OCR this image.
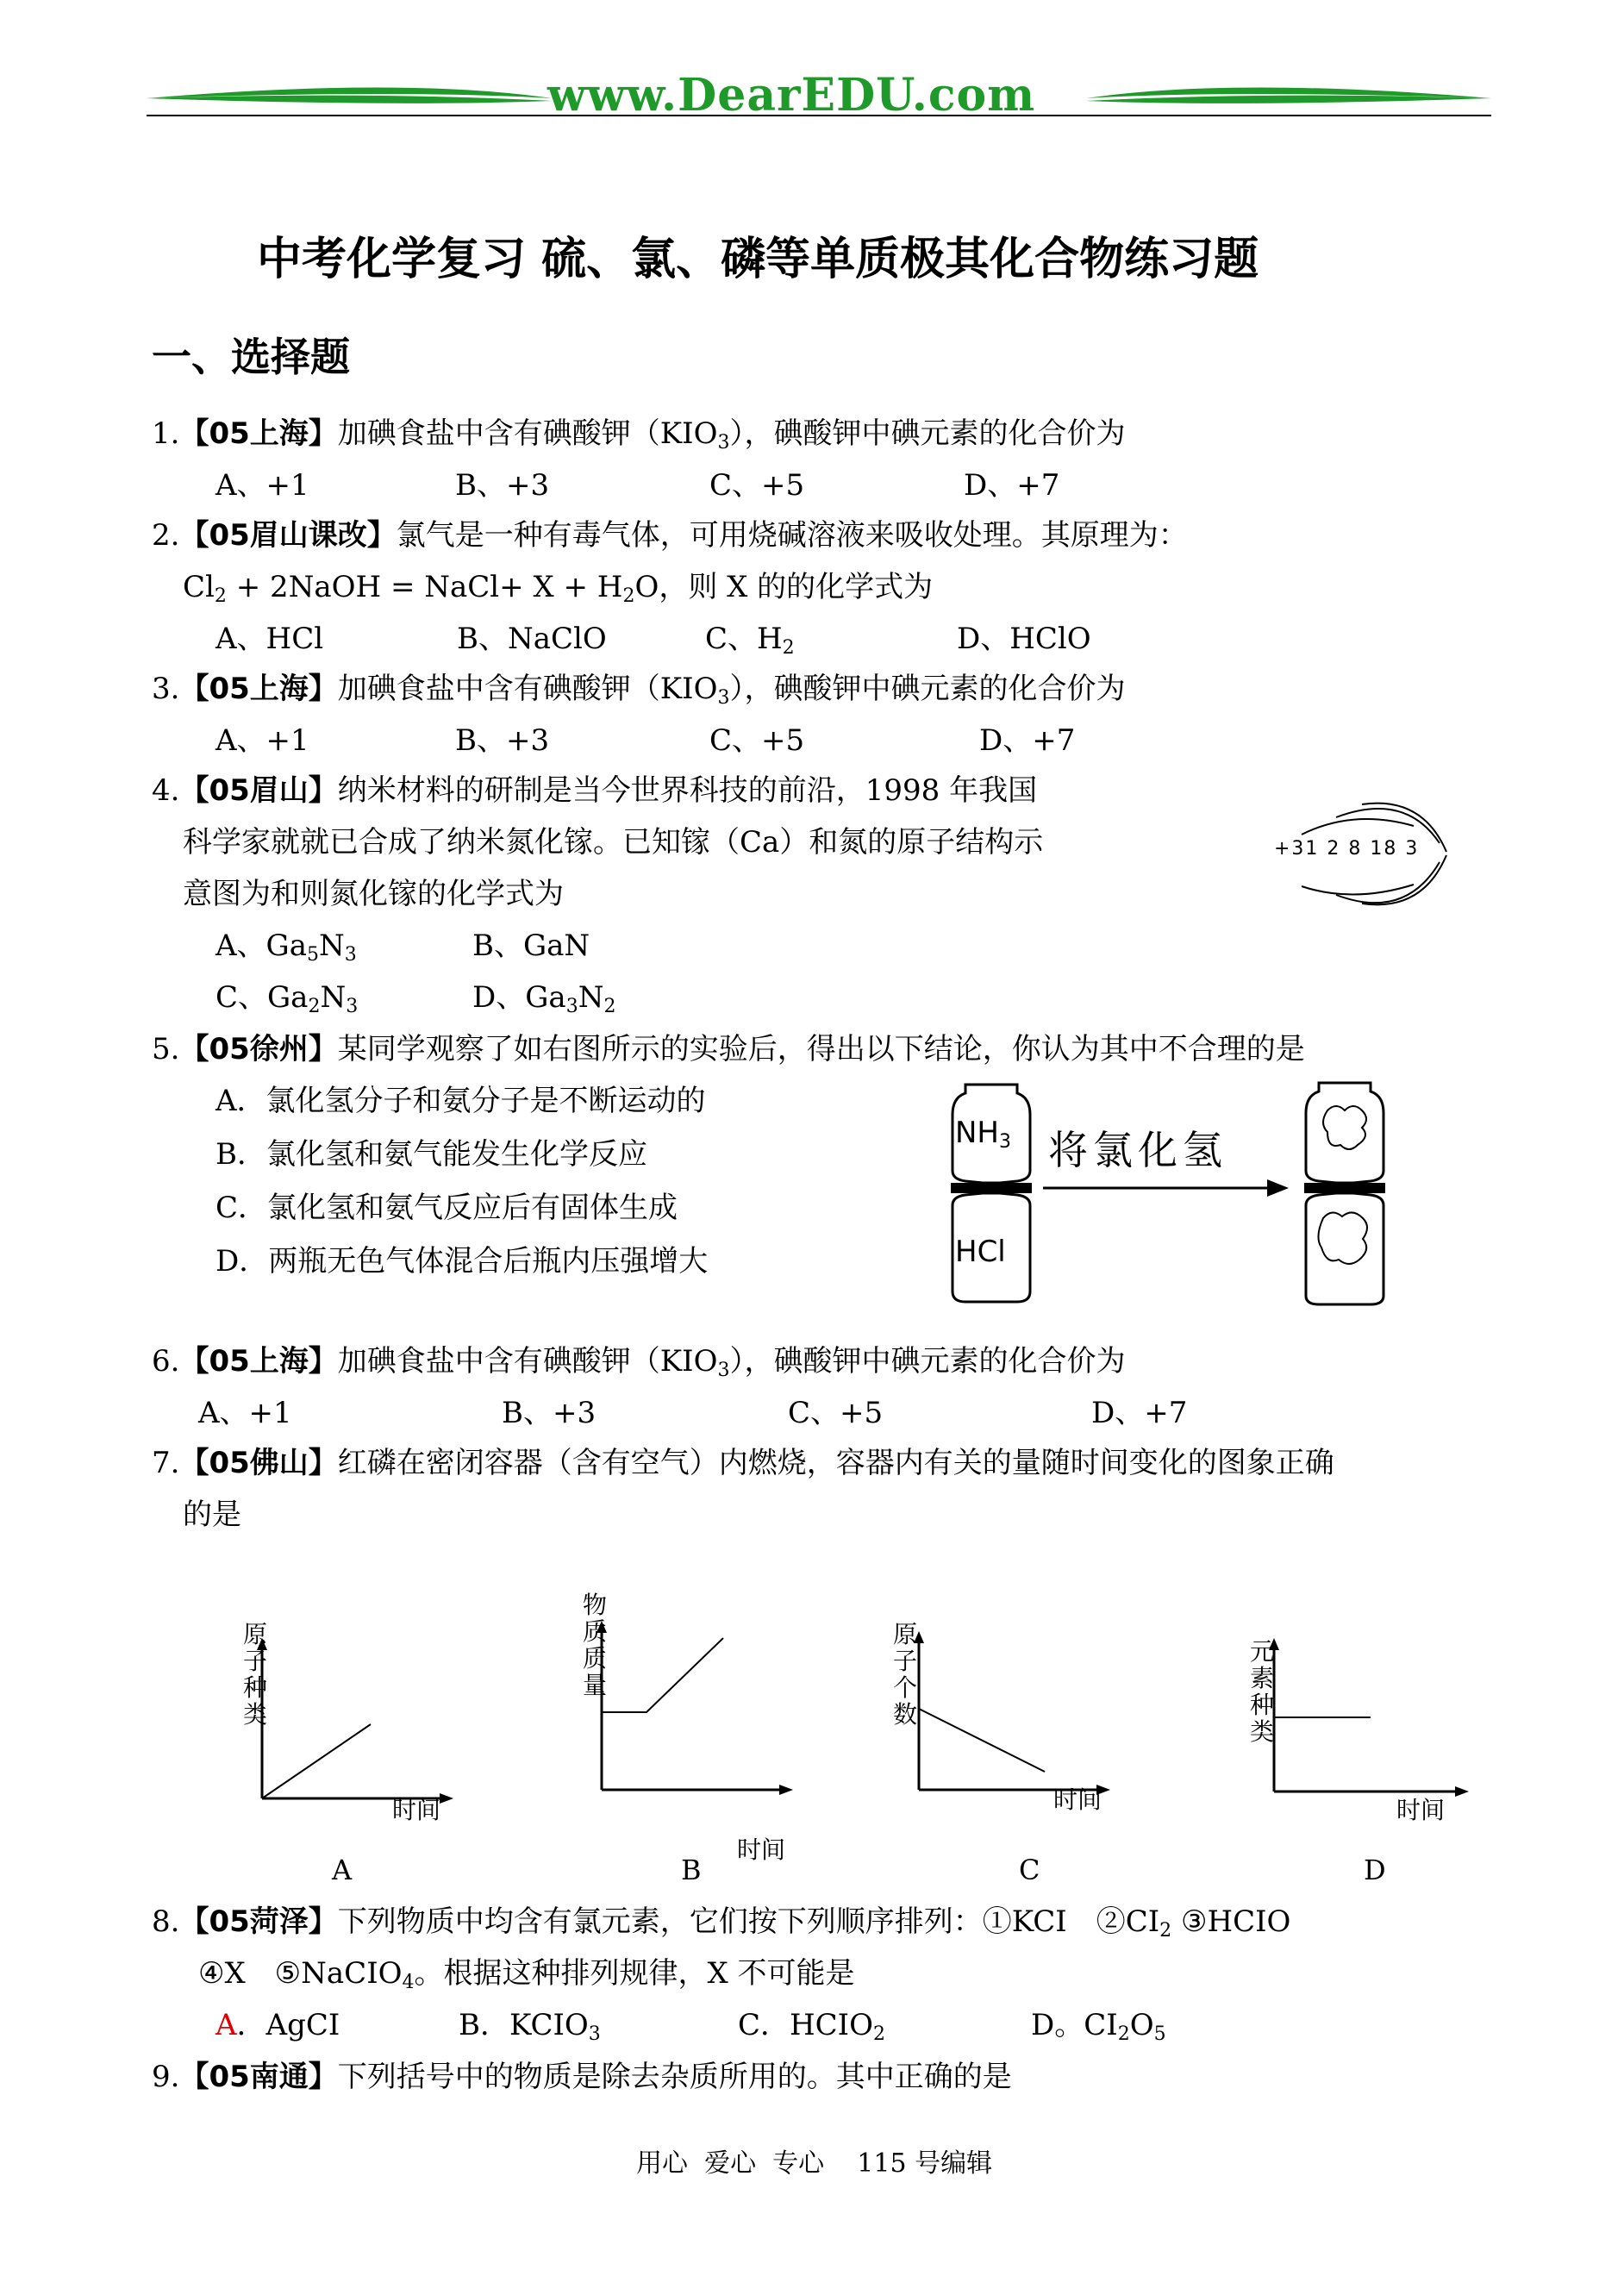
www.DearEDU.com
中考化学复习 硫、氯、磷等单质极其化合物练习题
一、选择题
1.【05上海】加碘食盐中含有碘酸钾$(KIO_3)$，碘酸钾中碘元素的化合价为
A、+1	B、+3	C、+5	D、+7
2.【05眉山课改】氯气是一种有毒气体，可用烧碱溶液来吸收处理。其原理为：
$Cl_2$ + 2NaOH = NaCl+ $X + H_2O$，则 X 的的化学式为
A、HCl	B、NaClO	C、$H_2$	D、HClO
3.【05上海】加碘食盐中含有碘酸钾$(KIO_3)$，碘酸钾中碘元素的化合价为
A、+1	B、+3	C、+5	D、+7
4.【05眉山】纳米材料的研制是当今世界科技的前沿，1998 年我国
科学家就就已合成了纳米氮化镓。已知镓（Ca）和氮的原子结构示
意图为和则氮化镓的化学式为
+31 2 8 18 3
A、$Ga_5N_3$	B、GaN
C、$Ga_2N_3$	D、$Ga_3N_2$
5.【05徐州】某同学观察了如右图所示的实验后，得出以下结论，你认为其中不合理的是
A．氯化氢分子和氨分子是不断运动的
B．氯化氢和氨气能发生化学反应
C．氯化氢和氨气反应后有固体生成
D．两瓶无色气体混合后瓶内压强增大
$NH_3$
HCl
将氯化氢
6.【05上海】加碘食盐中含有碘酸钾$(KIO_3)$，碘酸钾中碘元素的化合价为
A、+1	B、+3	C、+5	D、+7
7.【05佛山】红磷在密闭容器（含有空气）内燃烧，容器内有关的量随时间变化的图象正确
的是
原子种类
时间
A
物质质量
时间
B
原子个数
时间
C
元素种类
时间
D
8.【05菏泽】下列物质中均含有氯元素，它们按下列顺序排列：①KCI　$②CI_2$ ③HCIO
④X　⑤NaCIO$_4$。根据这种排列规律，X 不可能是
A．AgCI	B．$KCIO_3$	C．$HCIO_2$	D。$CI_2O_5$
9.【05南通】下列括号中的物质是除去杂质所用的。其中正确的是
用心  爱心  专心    115 号编辑
